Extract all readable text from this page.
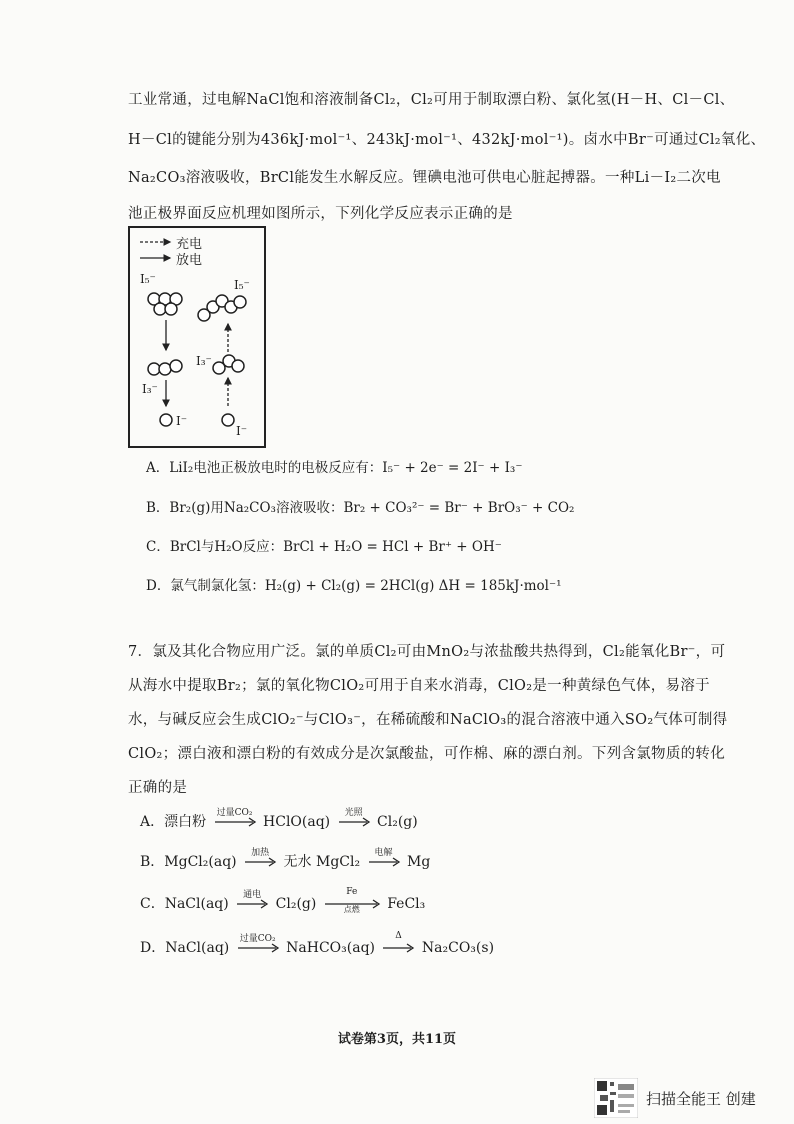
工业常通，过电解NaCl饱和溶液制备Cl₂，Cl₂可用于制取漂白粉、氯化氢(H－H、Cl－Cl、
H－Cl的键能分别为436kJ·mol⁻¹、243kJ·mol⁻¹、432kJ·mol⁻¹)。卤水中Br⁻可通过Cl₂氧化、
Na₂CO₃溶液吸收，BrCl能发生水解反应。锂碘电池可供电心脏起搏器。一种Li－I₂二次电
池正极界面反应机理如图所示，下列化学反应表示正确的是
充电
放电
I₅⁻	I₅⁻
I₃⁻
I₃⁻
I⁻
I⁻
A．LiI₂电池正极放电时的电极反应有：I₅⁻ + 2e⁻ = 2I⁻ + I₃⁻
B．Br₂(g)用Na₂CO₃溶液吸收：Br₂ + CO₃²⁻ = Br⁻ + BrO₃⁻ + CO₂
C．BrCl与H₂O反应：BrCl + H₂O = HCl + Br⁺ + OH⁻
D．氯气制氯化氢：H₂(g) + Cl₂(g) = 2HCl(g) ΔH = 185kJ·mol⁻¹
7．氯及其化合物应用广泛。氯的单质Cl₂可由MnO₂与浓盐酸共热得到，Cl₂能氧化Br⁻，可
从海水中提取Br₂；氯的氧化物ClO₂可用于自来水消毒，ClO₂是一种黄绿色气体，易溶于
水，与碱反应会生成ClO₂⁻与ClO₃⁻，在稀硫酸和NaClO₃的混合溶液中通入SO₂气体可制得
ClO₂；漂白液和漂白粉的有效成分是次氯酸盐，可作棉、麻的漂白剂。下列含氯物质的转化
正确的是
A．漂白粉
过量CO₂
HClO(aq)
光照
Cl₂(g)
B．MgCl₂(aq)
加热
无水 MgCl₂
电解
Mg
C．NaCl(aq)
通电
Cl₂(g)
Fe
点燃	FeCl₃
D．NaCl(aq)
过量CO₂
NaHCO₃(aq)
Δ
Na₂CO₃(s)
试卷第3页，共11页
扫描全能王 创建
